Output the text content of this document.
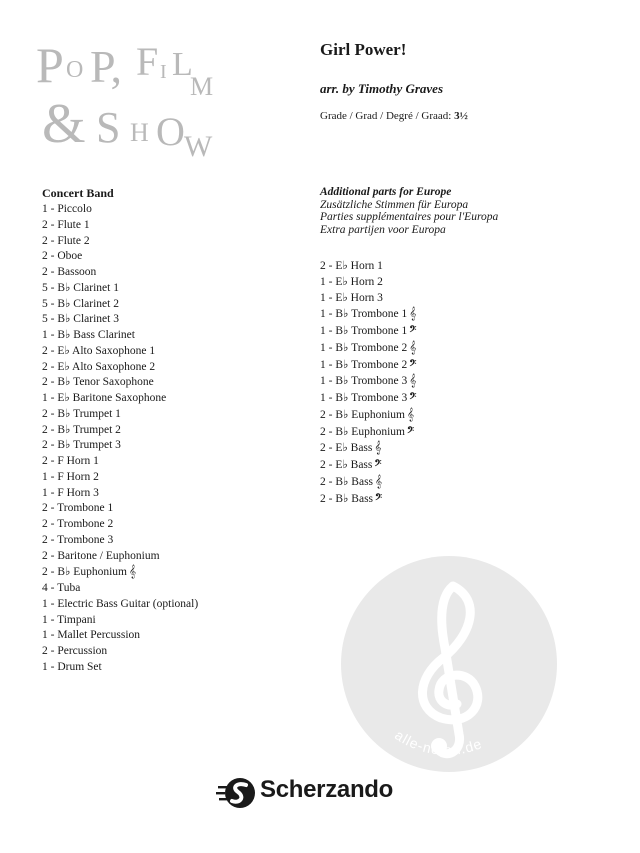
P O P, F I L
M
& S H O W
Girl Power!
arr. by Timothy Graves
Grade / Grad / Degré / Graad: 3½
Concert Band
1 - Piccolo
2 - Flute 1
2 - Flute 2
2 - Oboe
2 - Bassoon
5 - B♭ Clarinet 1
5 - B♭ Clarinet 2
5 - B♭ Clarinet 3
1 - B♭ Bass Clarinet
2 - E♭ Alto Saxophone 1
2 - E♭ Alto Saxophone 2
2 - B♭ Tenor Saxophone
1 - E♭ Baritone Saxophone
2 - B♭ Trumpet 1
2 - B♭ Trumpet 2
2 - B♭ Trumpet 3
2 - F Horn 1
1 - F Horn 2
1 - F Horn 3
2 - Trombone 1
2 - Trombone 2
2 - Trombone 3
2 - Baritone / Euphonium
2 - B♭ Euphonium 𝄞
4 - Tuba
1 - Electric Bass Guitar (optional)
1 - Timpani
1 - Mallet Percussion
2 - Percussion
1 - Drum Set
Additional parts for Europe
Zusätzliche Stimmen für Europa
Parties supplémentaires pour l'Europa
Extra partijen voor Europa
2 - E♭ Horn 1
1 - E♭ Horn 2
1 - E♭ Horn 3
1 - B♭ Trombone 1 𝄞
1 - B♭ Trombone 1 𝄢
1 - B♭ Trombone 2 𝄞
1 - B♭ Trombone 2 𝄢
1 - B♭ Trombone 3 𝄞
1 - B♭ Trombone 3 𝄢
2 - B♭ Euphonium 𝄞
2 - B♭ Euphonium 𝄢
2 - E♭ Bass 𝄞
2 - E♭ Bass 𝄢
2 - B♭ Bass 𝄞
2 - B♭ Bass 𝄢
alle-noten.de
Scherzando
